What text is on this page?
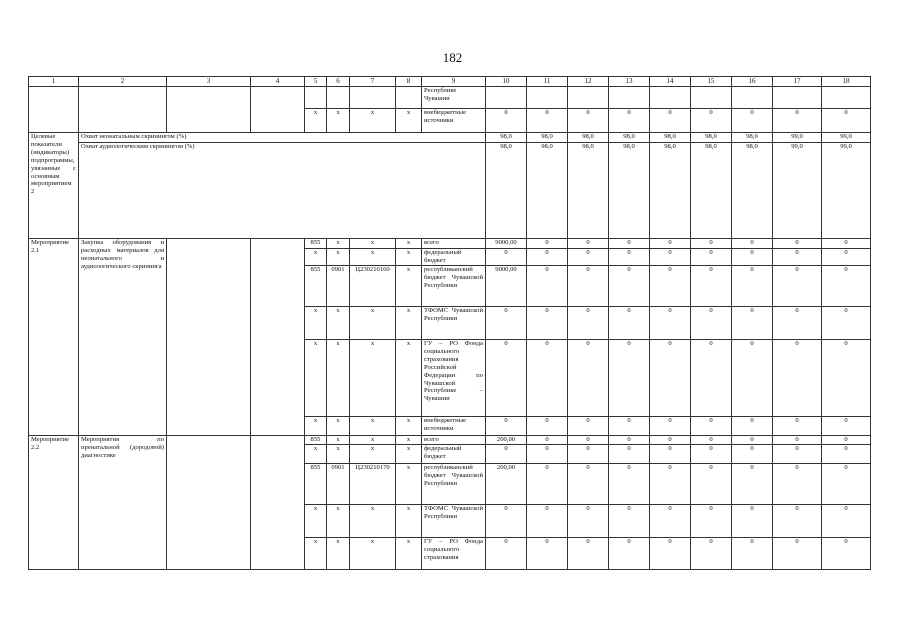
182
1	2	3	4	5	6	7	8	9	10	11	12	13	14	15	16	17	18
								Республике Чувашии									
				x	x	x	x	внебюджетные источники	0	0	0	0	0	0	0	0	0
Целевые показатели (индикаторы) подпрограммы, увязанные с основным мероприятием 2	Охват неонатальным скринингом (%)								98,0	98,0	98,0	98,0	98,0	98,0	98,0	99,0	99,0
	Охват аудиологическим скринингом (%)								98,0	98,0	98,0	98,0	98,0	98,0	98,0	99,0	99,0
Мероприятие 2.1	Закупка оборудования и расходных материалов для неонатального и аудиологического скрининга			855	x	x	x	всего	9000,00	0	0	0	0	0	0	0	0
				x	x	x	x	федеральный бюджет	0	0	0	0	0	0	0	0	0
				855	0901	Ц230210160	x	республиканский бюджет Чувашской Республики	9000,00	0	0	0	0	0	0	0	0
				x	x	x	x	ТФОМС Чувашской Республики	0	0	0	0	0	0	0	0	0
				x	x	x	x	ГУ – РО Фонда социального страхования Российской Федерации по Чувашской Республике – Чувашии	0	0	0	0	0	0	0	0	0
				x	x	x	x	внебюджетные источники	0	0	0	0	0	0	0	0	0
Мероприятие 2.2	Мероприятия по пренатальной (дородовой) диагностике			855	x	x	x	всего	200,00	0	0	0	0	0	0	0	0
				x	x	x	x	федеральный бюджет	0	0	0	0	0	0	0	0	0
				855	0901	Ц230210170	x	республиканский бюджет Чувашской Республики	200,00	0	0	0	0	0	0	0	0
				x	x	x	x	ТФОМС Чувашской Республики	0	0	0	0	0	0	0	0	0
				x	x	x	x	ГУ – РО Фонда социального страхования	0	0	0	0	0	0	0	0	0
